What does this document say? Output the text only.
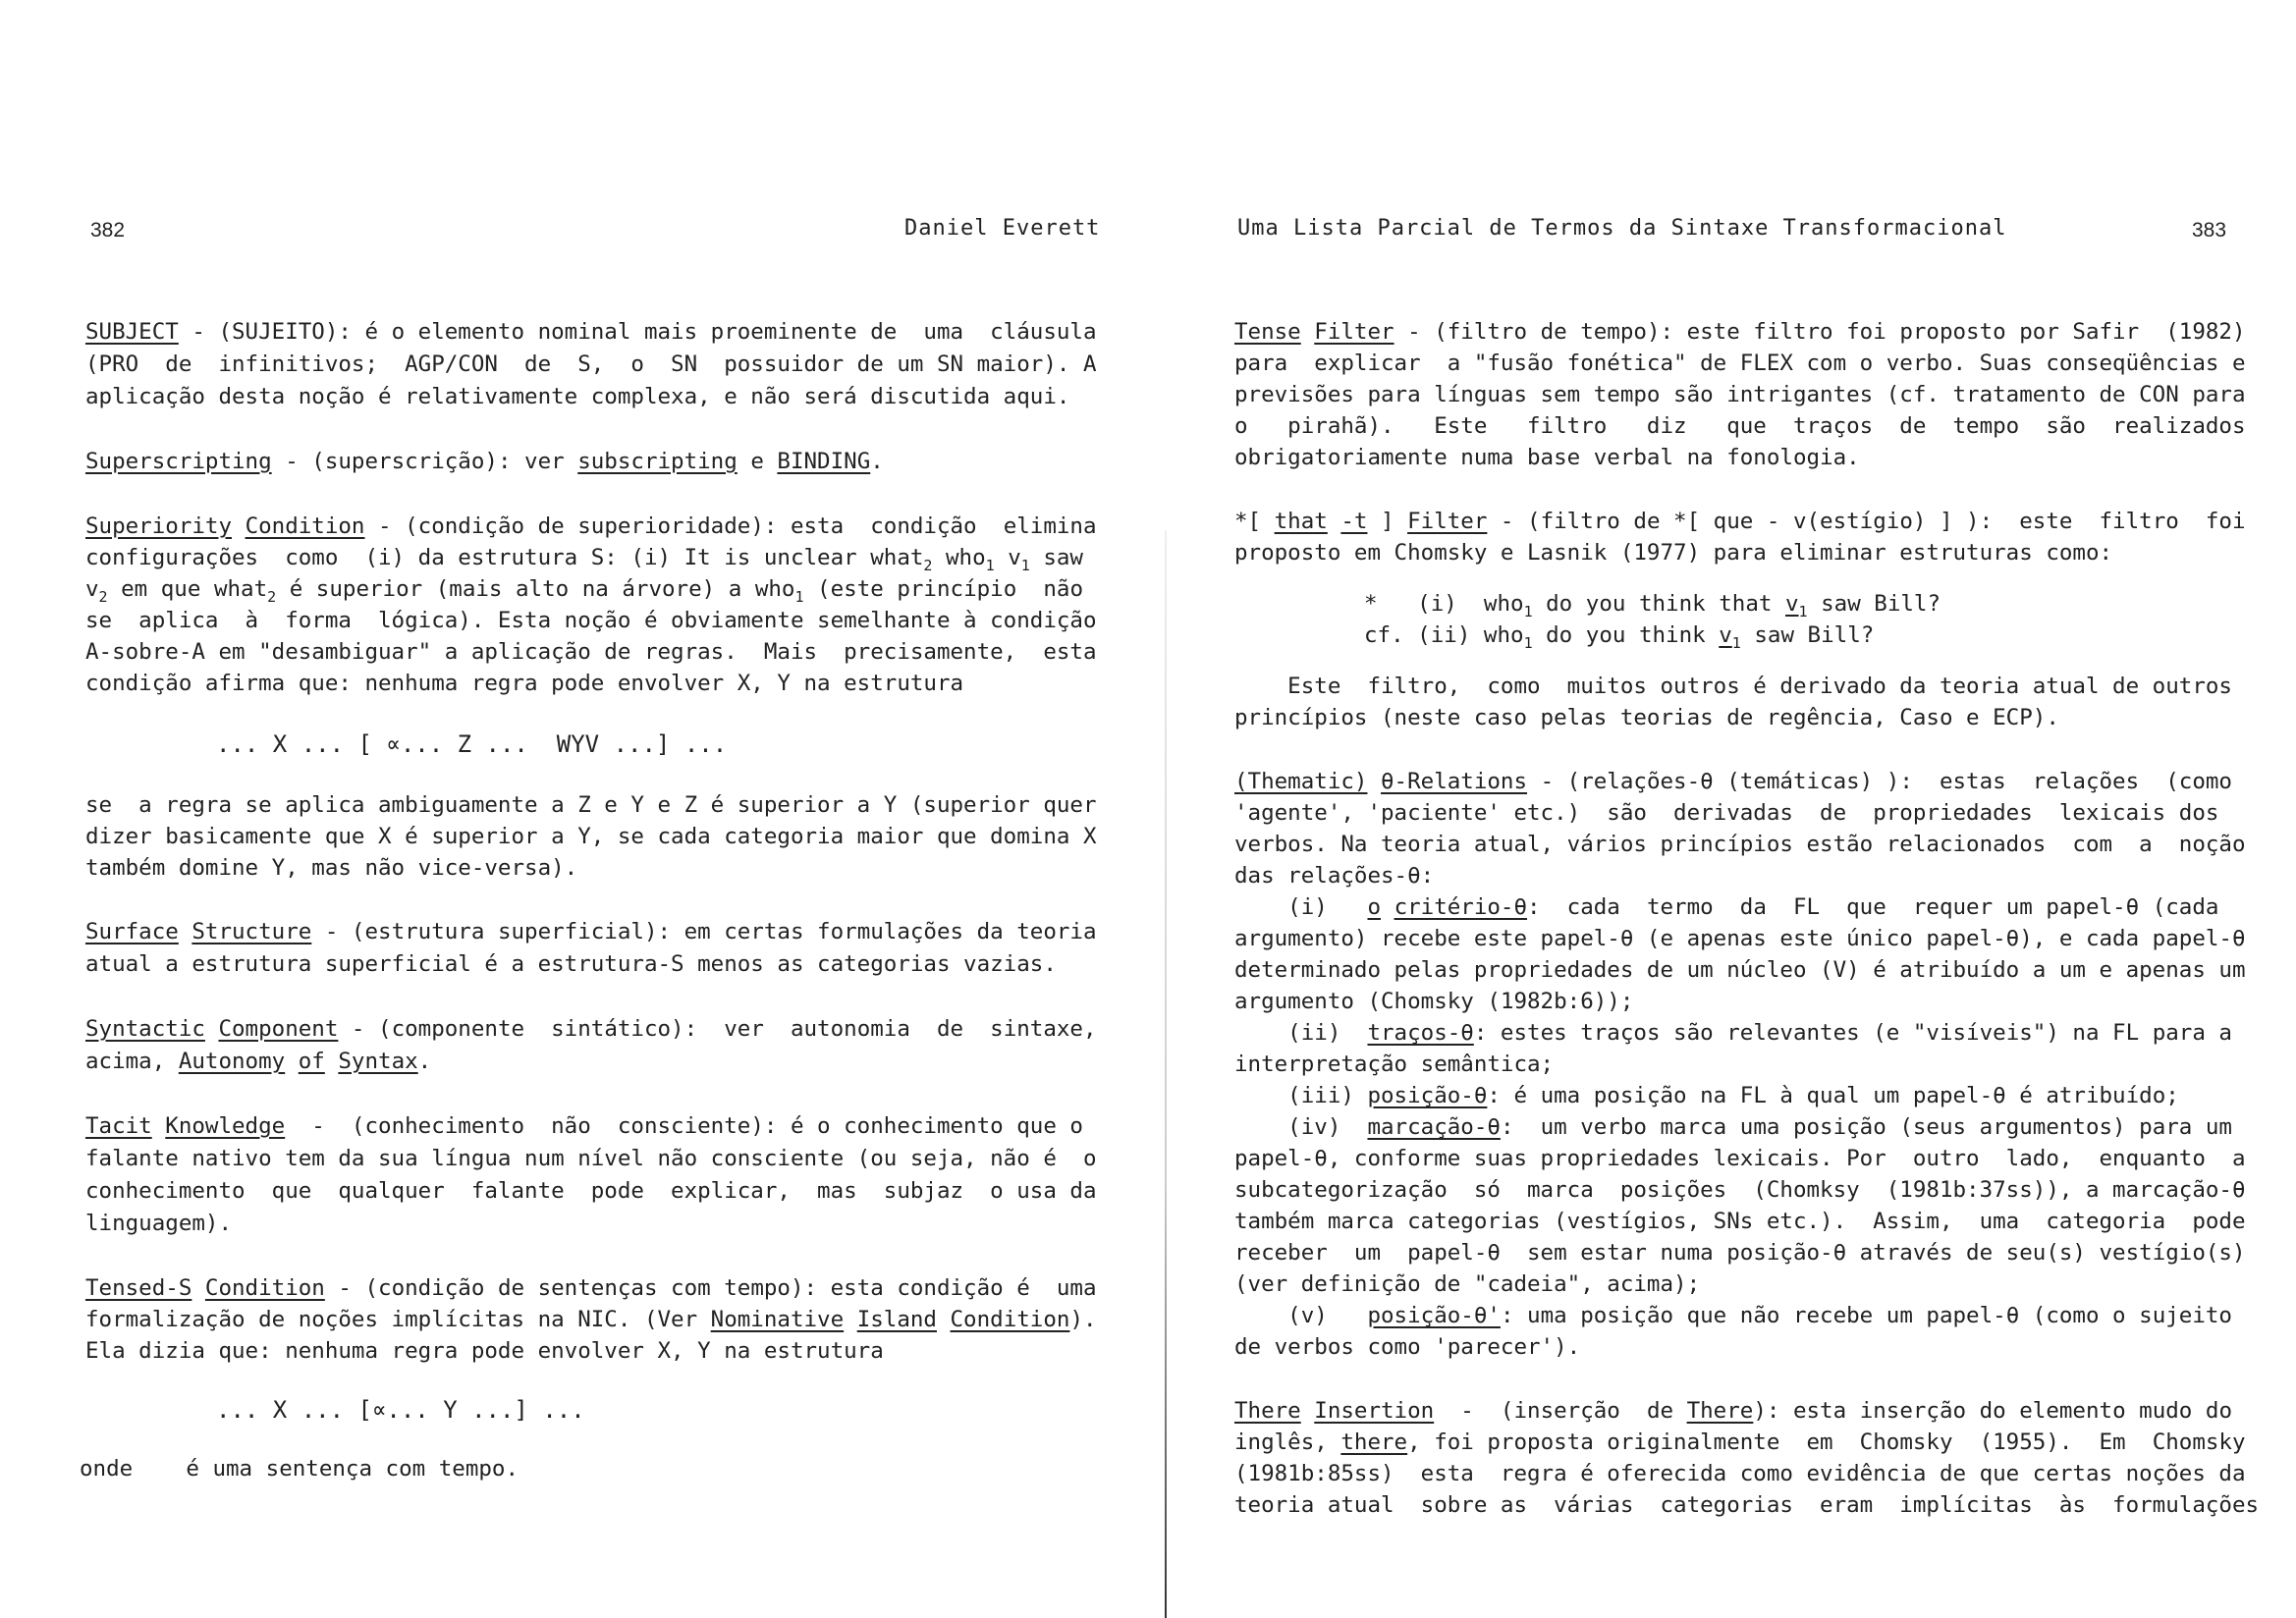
382	Daniel Everett
SUBJECT - (SUJEITO): é o elemento nominal mais proeminente de  uma  cláusula
(PRO  de  infinitivos;  AGP/CON  de  S,  o  SN  possuidor de um SN maior). A
aplicação desta noção é relativamente complexa, e não será discutida aqui.
Superscripting - (superscrição): ver subscripting e BINDING.
Superiority Condition - (condição de superioridade): esta  condição  elimina
configurações  como  (i) da estrutura S: (i) It is unclear what$_2$ who$_1$ $v_1$ saw
$v_2$ em que what$_2$ é superior (mais alto na árvore) a who$_1$ (este princípio  não
se  aplica  à  forma  lógica). Esta noção é obviamente semelhante à condição
A-sobre-A em "desambiguar" a aplicação de regras.  Mais  precisamente,  esta
condição afirma que: nenhuma regra pode envolver X, Y na estrutura
... X ... [ ∝... Z ...  WYV ...] ...
se  a regra se aplica ambiguamente a Z e Y e Z é superior a Y (superior quer
dizer basicamente que X é superior a Y, se cada categoria maior que domina X
também domine Y, mas não vice-versa).
Surface Structure - (estrutura superficial): em certas formulações da teoria
atual a estrutura superficial é a estrutura-S menos as categorias vazias.
Syntactic Component - (componente  sintático):  ver  autonomia  de  sintaxe,
acima, Autonomy of Syntax.
Tacit Knowledge  -  (conhecimento  não  consciente): é o conhecimento que o
falante nativo tem da sua língua num nível não consciente (ou seja, não é  o
conhecimento  que  qualquer  falante  pode  explicar,  mas  subjaz  o usa da
linguagem).
Tensed-S Condition - (condição de sentenças com tempo): esta condição é  uma
formalização de noções implícitas na NIC. (Ver Nominative Island Condition).
Ela dizia que: nenhuma regra pode envolver X, Y na estrutura
... X ... [∝... Y ...] ...
onde    é uma sentença com tempo.
Uma Lista Parcial de Termos da Sintaxe Transformacional	383
Tense Filter - (filtro de tempo): este filtro foi proposto por Safir  (1982)
para  explicar  a "fusão fonética" de FLEX com o verbo. Suas conseqüências e
previsões para línguas sem tempo são intrigantes (cf. tratamento de CON para
o   pirahã).   Este   filtro   diz   que  traços  de  tempo  são  realizados
obrigatoriamente numa base verbal na fonologia.
*[ that -t ] Filter - (filtro de *[ que - v(estígio) ] ):  este  filtro  foi
proposto em Chomsky e Lasnik (1977) para eliminar estruturas como:
*   (i)  who$_1$ do you think that $v_1$ saw Bill?
cf. (ii) who$_1$ do you think $v_1$ saw Bill?
Este  filtro,  como  muitos outros é derivado da teoria atual de outros
princípios (neste caso pelas teorias de regência, Caso e ECP).
(Thematic) θ-Relations - (relações-θ (temáticas) ):  estas  relações  (como
'agente', 'paciente' etc.)  são  derivadas  de  propriedades  lexicais dos
verbos. Na teoria atual, vários princípios estão relacionados  com  a  noção
das relações-θ:
(i)   o critério-θ:  cada  termo  da  FL  que  requer um papel-θ (cada
argumento) recebe este papel-θ (e apenas este único papel-θ), e cada papel-θ
determinado pelas propriedades de um núcleo (V) é atribuído a um e apenas um
argumento (Chomsky (1982b:6));
(ii)  traços-θ: estes traços são relevantes (e "visíveis") na FL para a
interpretação semântica;
(iii) posição-θ: é uma posição na FL à qual um papel-θ é atribuído;
(iv)  marcação-θ:  um verbo marca uma posição (seus argumentos) para um
papel-θ, conforme suas propriedades lexicais. Por  outro  lado,  enquanto  a
subcategorização  só  marca  posições  (Chomksy  (1981b:37ss)), a marcação-θ
também marca categorias (vestígios, SNs etc.).  Assim,  uma  categoria  pode
receber  um  papel-θ  sem estar numa posição-θ através de seu(s) vestígio(s)
(ver definição de "cadeia", acima);
(v)   posição-θ': uma posição que não recebe um papel-θ (como o sujeito
de verbos como 'parecer').
There Insertion  -  (inserção  de There): esta inserção do elemento mudo do
inglês, there, foi proposta originalmente  em  Chomsky  (1955).  Em  Chomsky
(1981b:85ss)  esta  regra é oferecida como evidência de que certas noções da
teoria atual  sobre as  várias  categorias  eram  implícitas  às  formulações
